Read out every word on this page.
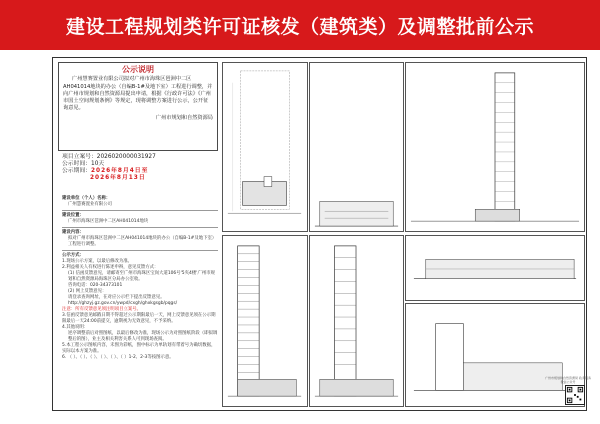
建设工程规划类许可证核发（建筑类）及调整批前公示
公示说明
广州慧赛置业有限公司拟对广州市海珠区琶洲中二区AH041014地块的办公（自编B-1#及地下室）工程进行调整，并向广州市规划和自然资源局提出申请，根据《行政许可法》《广州市国土空间规划条例》等规定，现将调整方案进行公示，公开征询意见。
广州市规划和自然资源局
项目立案号：2026020000031927
公示时间：10天
公示期间：2026年8月4日至
2026年8月13日
建设单位（个人）名称：
广州慧赛置业有限公司
建设位置：
广州市海珠区琶洲中二区AH041014地块
建设内容：
拟对广州市海珠区琶洲中二区AH041014地块的办公（自编B-1#及地下室）工程进行调整。
公示方式：
1.现场公示方案，以最后修改为准。
2.利益相关人有权进行陈述申辩，意见反馈方式：
(1) 信函反馈意见，请邮寄至广州市海珠区宝岗大道106号'5夹4楼'广州市规划和自然资源局海珠区分局办公室收。
咨询电话：020-34373101
(2) 网上反馈意见：
请登录查询网址，在对应公示栏下提出反馈意见。
http://ghzyj.gz.gov.cn/ywpd/cxgh/ghxkgsgb/pqgs/
注意：所有反馈意见须注明项目立案号。
3.信函反馈意见邮戳日期不得超过公示期限最后一天，网上反馈意见须在公示期限最后一天24:00前提交，逾期视为无效意见，不予采纳。
4.其他说明：
逆序调整前后对照图纸，以最后修改为准，现场公示为对照图纸阶段（即拟调整后的图），业主及相关利害关系人可到现场查阅。
5.本工程公示图纸内容，未图为彩纸，图中标示为单轨划有带着号为确切数据，实际以本方案为准。
6. （ ）、（ ）、（ ）、（ ）、（ ）、（ ）1-2、2-3等按图示意。
广州市规划和自然资源局 政务服务 微信公众号
